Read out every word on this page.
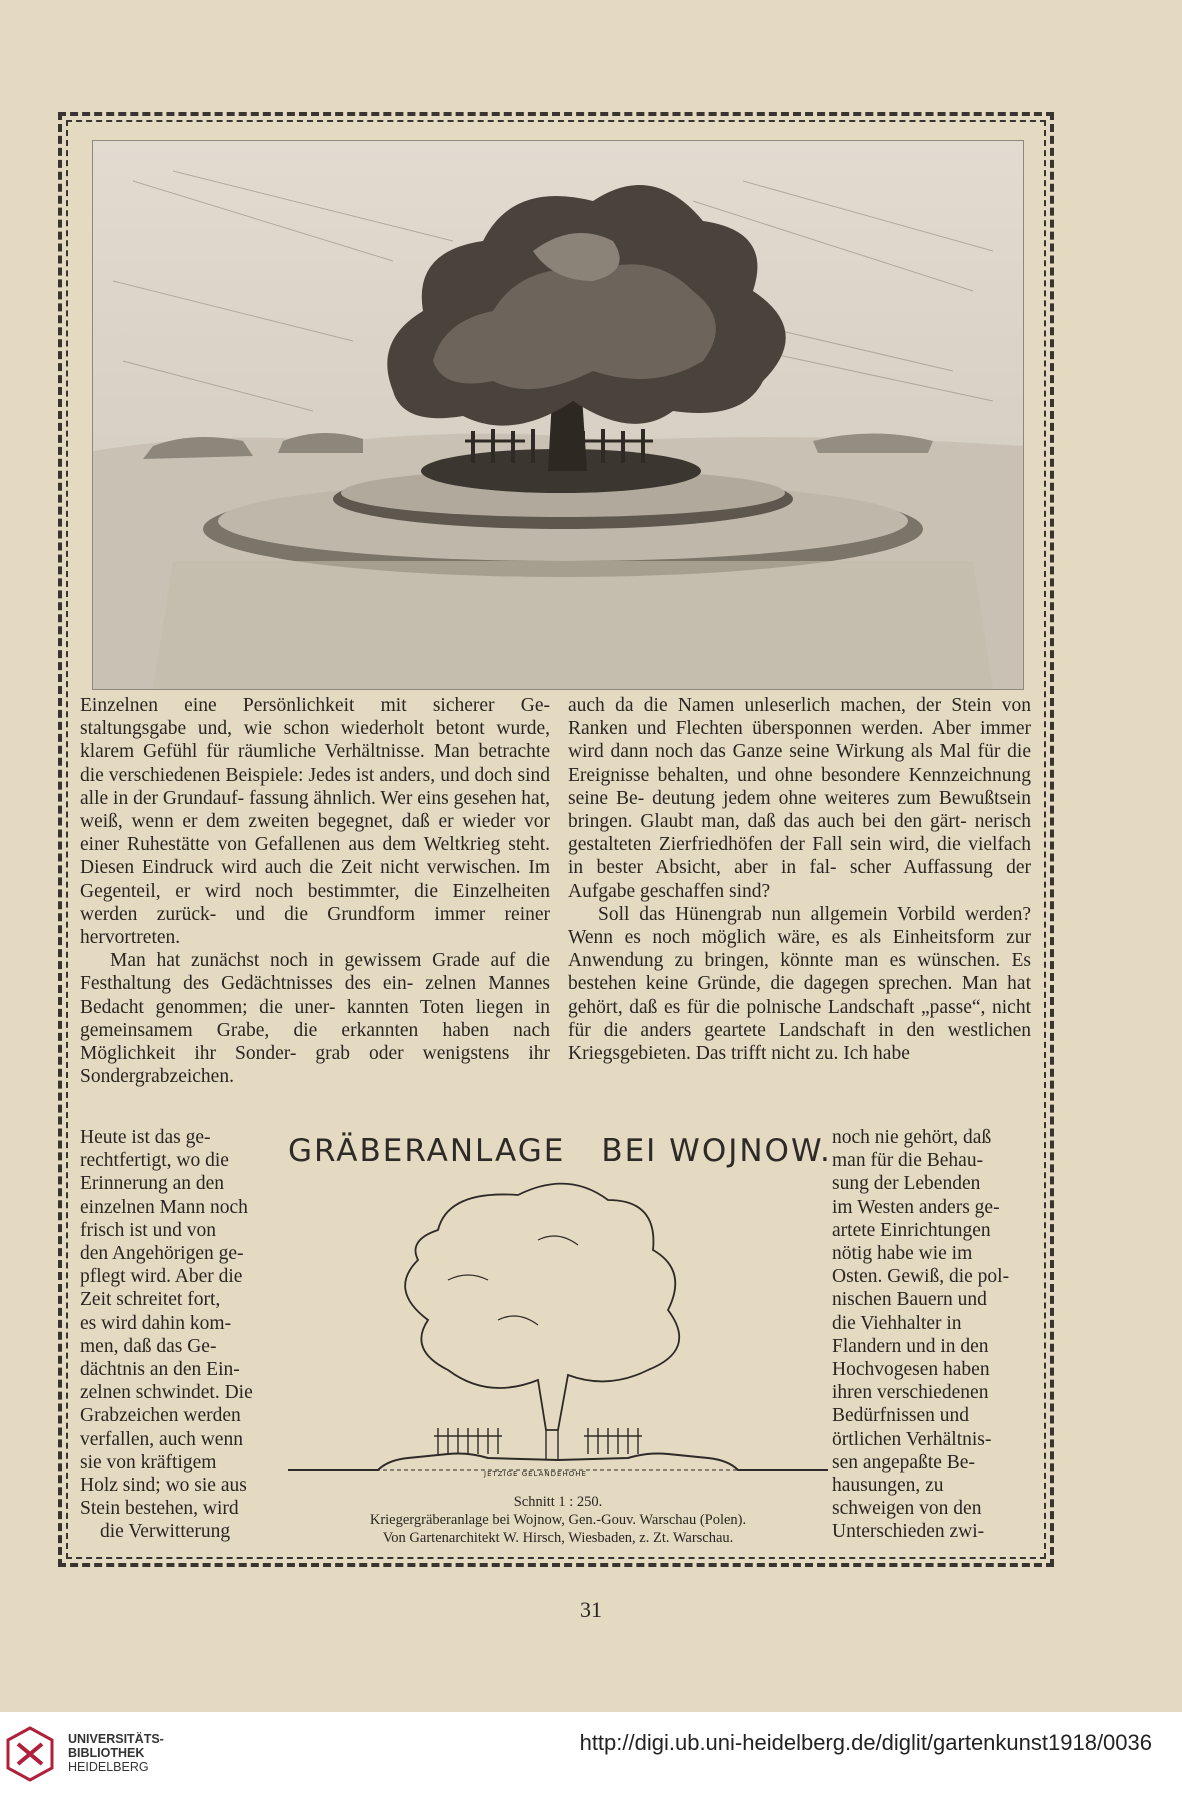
Einzelnen eine Persönlichkeit mit sicherer Ge- staltungsgabe und, wie schon wiederholt betont wurde, klarem Gefühl für räumliche Verhältnisse. Man betrachte die verschiedenen Beispiele: Jedes ist anders, und doch sind alle in der Grundauf- fassung ähnlich. Wer eins gesehen hat, weiß, wenn er dem zweiten begegnet, daß er wieder vor einer Ruhestätte von Gefallenen aus dem Weltkrieg steht. Diesen Eindruck wird auch die Zeit nicht verwischen. Im Gegenteil, er wird noch bestimmter, die Einzelheiten werden zurück- und die Grundform immer reiner hervortreten.

Man hat zunächst noch in gewissem Grade auf die Festhaltung des Gedächtnisses des ein- zelnen Mannes Bedacht genommen; die uner- kannten Toten liegen in gemeinsamem Grabe, die erkannten haben nach Möglichkeit ihr Sonder- grab oder wenigstens ihr Sondergrabzeichen.

Heute ist das ge-
rechtfertigt, wo die
Erinnerung an den
einzelnen Mann noch
frisch ist und von
den Angehörigen ge-
pflegt wird. Aber die
Zeit schreitet fort,
es wird dahin kom-
men, daß das Ge-
dächtnis an den Ein-
zelnen schwindet. Die
Grabzeichen werden
verfallen, auch wenn
sie von kräftigem
Holz sind; wo sie aus
Stein bestehen, wird
die Verwitterung

auch da die Namen unleserlich machen, der Stein von Ranken und Flechten übersponnen werden. Aber immer wird dann noch das Ganze seine Wirkung als Mal für die Ereignisse behalten, und ohne besondere Kennzeichnung seine Be- deutung jedem ohne weiteres zum Bewußtsein bringen. Glaubt man, daß das auch bei den gärt- nerisch gestalteten Zierfriedhöfen der Fall sein wird, die vielfach in bester Absicht, aber in fal- scher Auffassung der Aufgabe geschaffen sind?

Soll das Hünengrab nun allgemein Vorbild werden? Wenn es noch möglich wäre, es als Einheitsform zur Anwendung zu bringen, könnte man es wünschen. Es bestehen keine Gründe, die dagegen sprechen. Man hat gehört, daß es für die polnische Landschaft „passe“, nicht für die anders geartete Landschaft in den westlichen Kriegsgebieten. Das trifft nicht zu. Ich habe

noch nie gehört, daß
man für die Behau-
sung der Lebenden
im Westen anders ge-
artete Einrichtungen
nötig habe wie im
Osten. Gewiß, die pol-
nischen Bauern und
die Viehhalter in
Flandern und in den
Hochvogesen haben
ihren verschiedenen
Bedürfnissen und
örtlichen Verhältnis-
sen angepaßte Be-
hausungen, zu
schweigen von den
Unterschieden zwi-
GRÄBERANLAGE BEI WOJNOW.
JETZIGE GELÄNDEHÖHE
Schnitt 1 : 250.
Kriegergräberanlage bei Wojnow, Gen.-Gouv. Warschau (Polen).
Von Gartenarchitekt W. Hirsch, Wiesbaden, z. Zt. Warschau.
31
UNIVERSITÄTS-
BIBLIOTHEK
HEIDELBERG
http://digi.ub.uni-heidelberg.de/diglit/gartenkunst1918/0036
